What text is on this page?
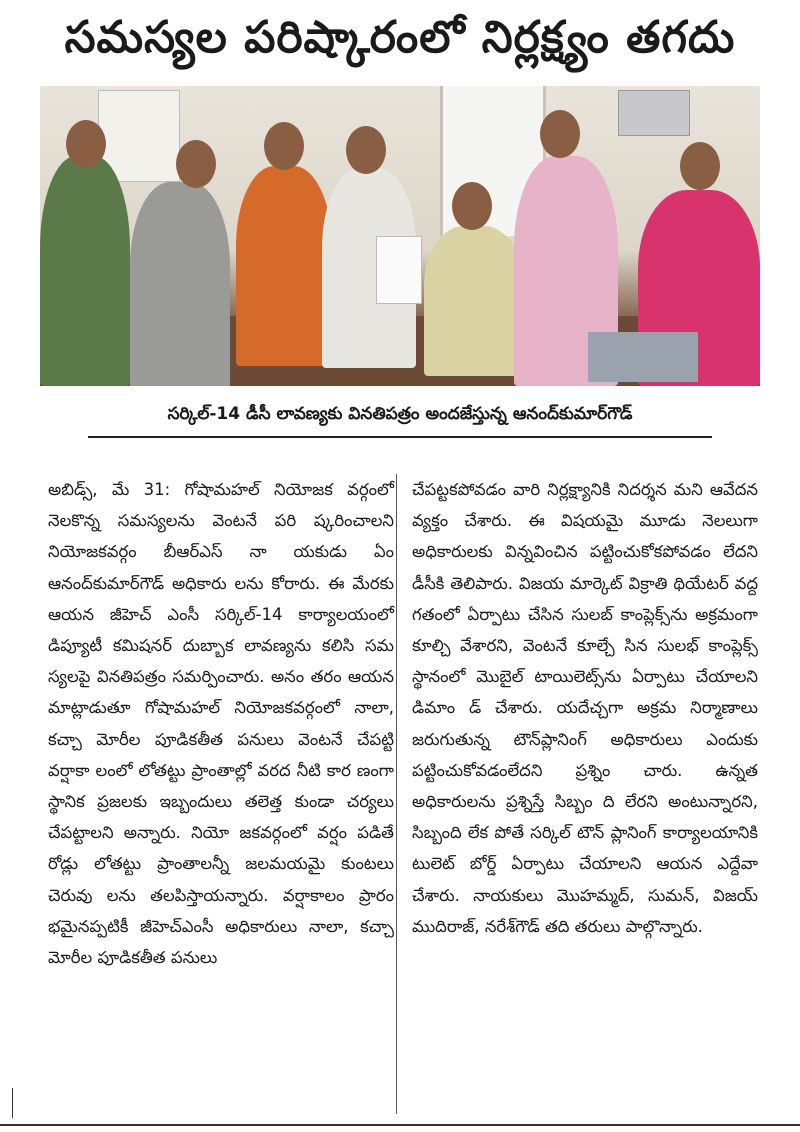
సమస్యల పరిష్కారంలో నిర్లక్ష్యం తగదు
సర్కిల్‌-14 డీసీ లావణ్యకు వినతిపత్రం అందజేస్తున్న ఆనంద్‌కుమార్‌గౌడ్‌
అబిడ్స్‌, మే 31: గోషామహల్‌ నియోజక వర్గంలో నెలకొన్న సమస్యలను వెంటనే పరి ష్కరించాలని నియోజకవర్గం బీఆర్‌ఎస్‌ నా యకుడు ఏం ఆనంద్‌కుమార్‌గౌడ్‌ అధికారు లను కోరారు. ఈ మేరకు ఆయన జీహెచ్‌ ఎంసీ సర్కిల్‌-14 కార్యాలయంలో డిప్యూటీ కమిషనర్‌ దుబ్బాక లావణ్యను కలిసి సమ స్యలపై వినతిపత్రం సమర్పించారు. అనం తరం ఆయన మాట్లాడుతూ గోషామహల్‌ నియోజకవర్గంలో నాలా, కచ్చా మోరీల పూడికతీత పనులు వెంటనే చేపట్టి వర్షాకా లంలో లోతట్టు ప్రాంతాల్లో వరద నీటి కార ణంగా స్థానిక ప్రజలకు ఇబ్బందులు తలెత్త కుండా చర్యలు చేపట్టాలని అన్నారు. నియో జకవర్గంలో వర్షం పడితే రోడ్లు లోతట్టు ప్రాంతాలన్నీ జలమయమై కుంటలు చెరువు లను తలపిస్తాయన్నారు. వర్షాకాలం ప్రారం భమైనప్పటికీ జీహెచ్‌ఎంసీ అధికారులు నాలా, కచ్చా మోరీల పూడికతీత పనులు
చేపట్టకపోవడం వారి నిర్లక్ష్యానికి నిదర్శన మని ఆవేదన వ్యక్తం చేశారు. ఈ విషయమై మూడు నెలలుగా అధికారులకు విన్నవించిన పట్టించుకోకపోవడం లేదని డీసీకి తెలిపారు. విజయ మార్కెట్‌ విక్రాతి థియేటర్‌ వద్ద గతంలో ఏర్పాటు చేసిన సులబ్‌ కాంప్లెక్స్‌ను అక్రమంగా కూల్చి వేశారని, వెంటనే కూల్చే సిన సులభ్‌ కాంప్లెక్స్‌ స్థానంలో మొబైల్‌ టాయిలెట్స్‌ను ఏర్పాటు చేయాలని డిమాం డ్‌ చేశారు. యదేచ్చగా అక్రమ నిర్మాణాలు జరుగుతున్న టౌన్‌ప్లానింగ్‌ అధికారులు ఎందుకు పట్టించుకోవడంలేదని ప్రశ్నిం చారు. ఉన్నత అధికారులను ప్రశ్నిస్తే సిబ్బం ది లేరని అంటున్నారని, సిబ్బంది లేక పోతే సర్కిల్‌ టౌన్‌ ప్లానింగ్‌ కార్యాలయానికి టులెట్‌ బోర్డ్‌ ఏర్పాటు చేయాలని ఆయన ఎద్దేవా చేశారు. నాయకులు మొహమ్మద్‌, సుమన్‌, విజయ్‌ ముదిరాజ్‌, నరేశ్‌గౌడ్‌ తది తరులు పాల్గొన్నారు.
